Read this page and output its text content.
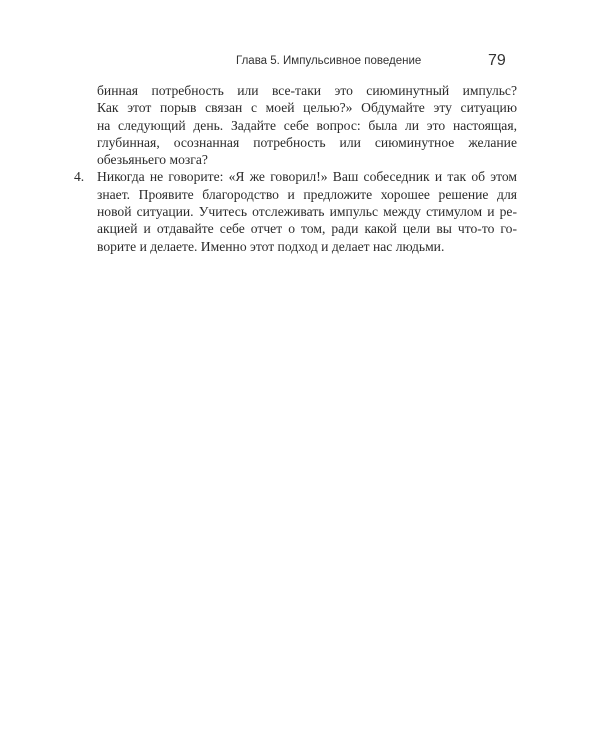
Глава 5. Импульсивное поведение	79

бинная потребность или все-таки это сиюминутный импульс?
Как этот порыв связан с моей целью?» Обдумайте эту ситуацию
на следующий день. Задайте себе вопрос: была ли это настоящая,
глубинная, осознанная потребность или сиюминутное желание
обезьяньего мозга?

4. Никогда не говорите: «Я же говорил!» Ваш собеседник и так об этом
знает. Проявите благородство и предложите хорошее решение для
новой ситуации. Учитесь отслеживать импульс между стимулом и ре-
акцией и отдавайте себе отчет о том, ради какой цели вы что-то го-
ворите и делаете. Именно этот подход и делает нас людьми.
